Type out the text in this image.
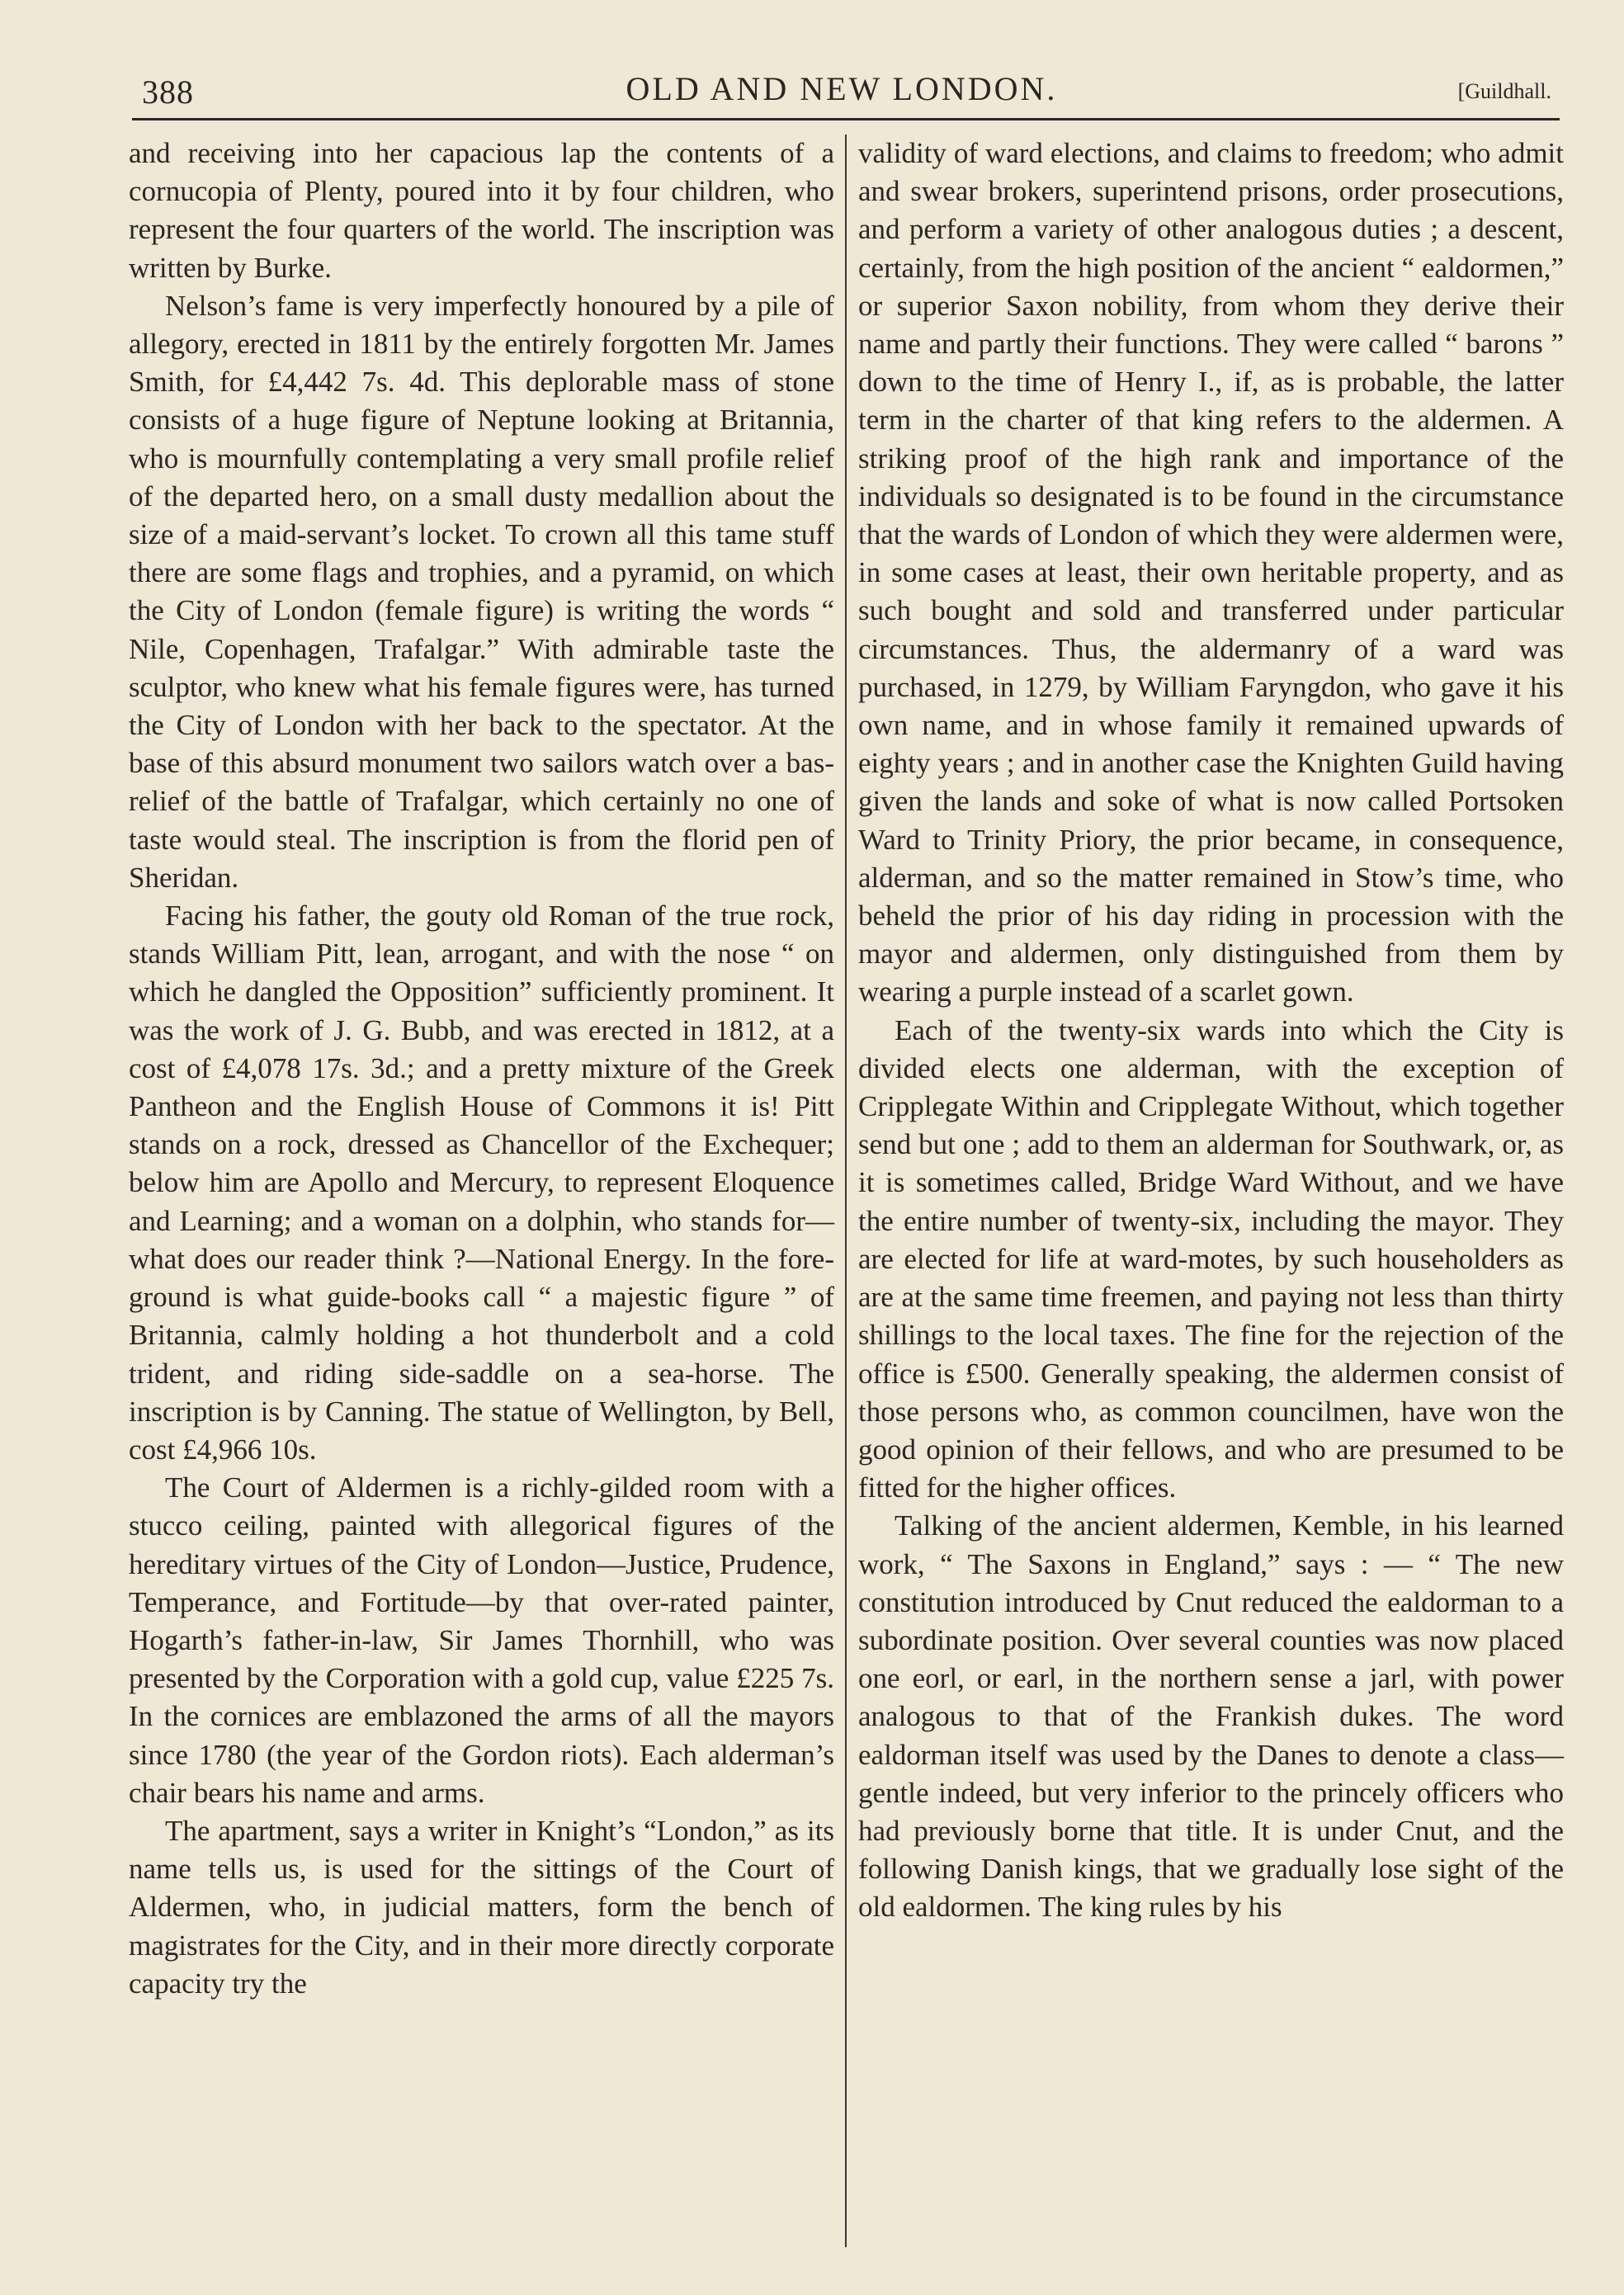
388	OLD AND NEW LONDON.	[Guildhall.

and receiving into her capacious lap the contents of a cornucopia of Plenty, poured into it by four children, who represent the four quarters of the world. The inscription was written by Burke.

Nelson’s fame is very imperfectly honoured by a pile of allegory, erected in 1811 by the entirely forgotten Mr. James Smith, for £4,442 7s. 4d. This deplorable mass of stone consists of a huge figure of Neptune looking at Britannia, who is mournfully contemplating a very small profile relief of the departed hero, on a small dusty medallion about the size of a maid-servant’s locket. To crown all this tame stuff there are some flags and trophies, and a pyramid, on which the City of London (female figure) is writing the words “ Nile, Copenhagen, Trafalgar.” With admirable taste the sculptor, who knew what his female figures were, has turned the City of London with her back to the spectator. At the base of this absurd monument two sailors watch over a bas-relief of the battle of Trafalgar, which certainly no one of taste would steal. The inscription is from the florid pen of Sheridan.

Facing his father, the gouty old Roman of the true rock, stands William Pitt, lean, arrogant, and with the nose “ on which he dangled the Opposition” sufficiently prominent. It was the work of J. G. Bubb, and was erected in 1812, at a cost of £4,078 17s. 3d.; and a pretty mixture of the Greek Pantheon and the English House of Commons it is! Pitt stands on a rock, dressed as Chancellor of the Exchequer; below him are Apollo and Mercury, to represent Eloquence and Learning; and a woman on a dolphin, who stands for—what does our reader think ?—National Energy. In the foreground is what guide-books call “ a majestic figure ” of Britannia, calmly holding a hot thunderbolt and a cold trident, and riding side-saddle on a sea-horse. The inscription is by Canning. The statue of Wellington, by Bell, cost £4,966 10s.

The Court of Aldermen is a richly-gilded room with a stucco ceiling, painted with allegorical figures of the hereditary virtues of the City of London—Justice, Prudence, Temperance, and Fortitude—by that over-rated painter, Hogarth’s father-in-law, Sir James Thornhill, who was presented by the Corporation with a gold cup, value £225 7s. In the cornices are emblazoned the arms of all the mayors since 1780 (the year of the Gordon riots). Each alderman’s chair bears his name and arms.

The apartment, says a writer in Knight’s “London,” as its name tells us, is used for the sittings of the Court of Aldermen, who, in judicial matters, form the bench of magistrates for the City, and in their more directly corporate capacity try the

validity of ward elections, and claims to freedom; who admit and swear brokers, superintend prisons, order prosecutions, and perform a variety of other analogous duties ; a descent, certainly, from the high position of the ancient “ ealdormen,” or superior Saxon nobility, from whom they derive their name and partly their functions. They were called “ barons ” down to the time of Henry I., if, as is probable, the latter term in the charter of that king refers to the aldermen. A striking proof of the high rank and importance of the individuals so designated is to be found in the circumstance that the wards of London of which they were aldermen were, in some cases at least, their own heritable property, and as such bought and sold and transferred under particular circumstances. Thus, the aldermanry of a ward was purchased, in 1279, by William Faryngdon, who gave it his own name, and in whose family it remained upwards of eighty years ; and in another case the Knighten Guild having given the lands and soke of what is now called Portsoken Ward to Trinity Priory, the prior became, in consequence, alderman, and so the matter remained in Stow’s time, who beheld the prior of his day riding in procession with the mayor and aldermen, only distinguished from them by wearing a purple instead of a scarlet gown.

Each of the twenty-six wards into which the City is divided elects one alderman, with the exception of Cripplegate Within and Cripplegate Without, which together send but one ; add to them an alderman for Southwark, or, as it is sometimes called, Bridge Ward Without, and we have the entire number of twenty-six, including the mayor. They are elected for life at ward-motes, by such householders as are at the same time freemen, and paying not less than thirty shillings to the local taxes. The fine for the rejection of the office is £500. Generally speaking, the aldermen consist of those persons who, as common councilmen, have won the good opinion of their fellows, and who are presumed to be fitted for the higher offices.

Talking of the ancient aldermen, Kemble, in his learned work, “ The Saxons in England,” says : — “ The new constitution introduced by Cnut reduced the ealdorman to a subordinate position. Over several counties was now placed one eorl, or earl, in the northern sense a jarl, with power analogous to that of the Frankish dukes. The word ealdorman itself was used by the Danes to denote a class—gentle indeed, but very inferior to the princely officers who had previously borne that title. It is under Cnut, and the following Danish kings, that we gradually lose sight of the old ealdormen. The king rules by his
